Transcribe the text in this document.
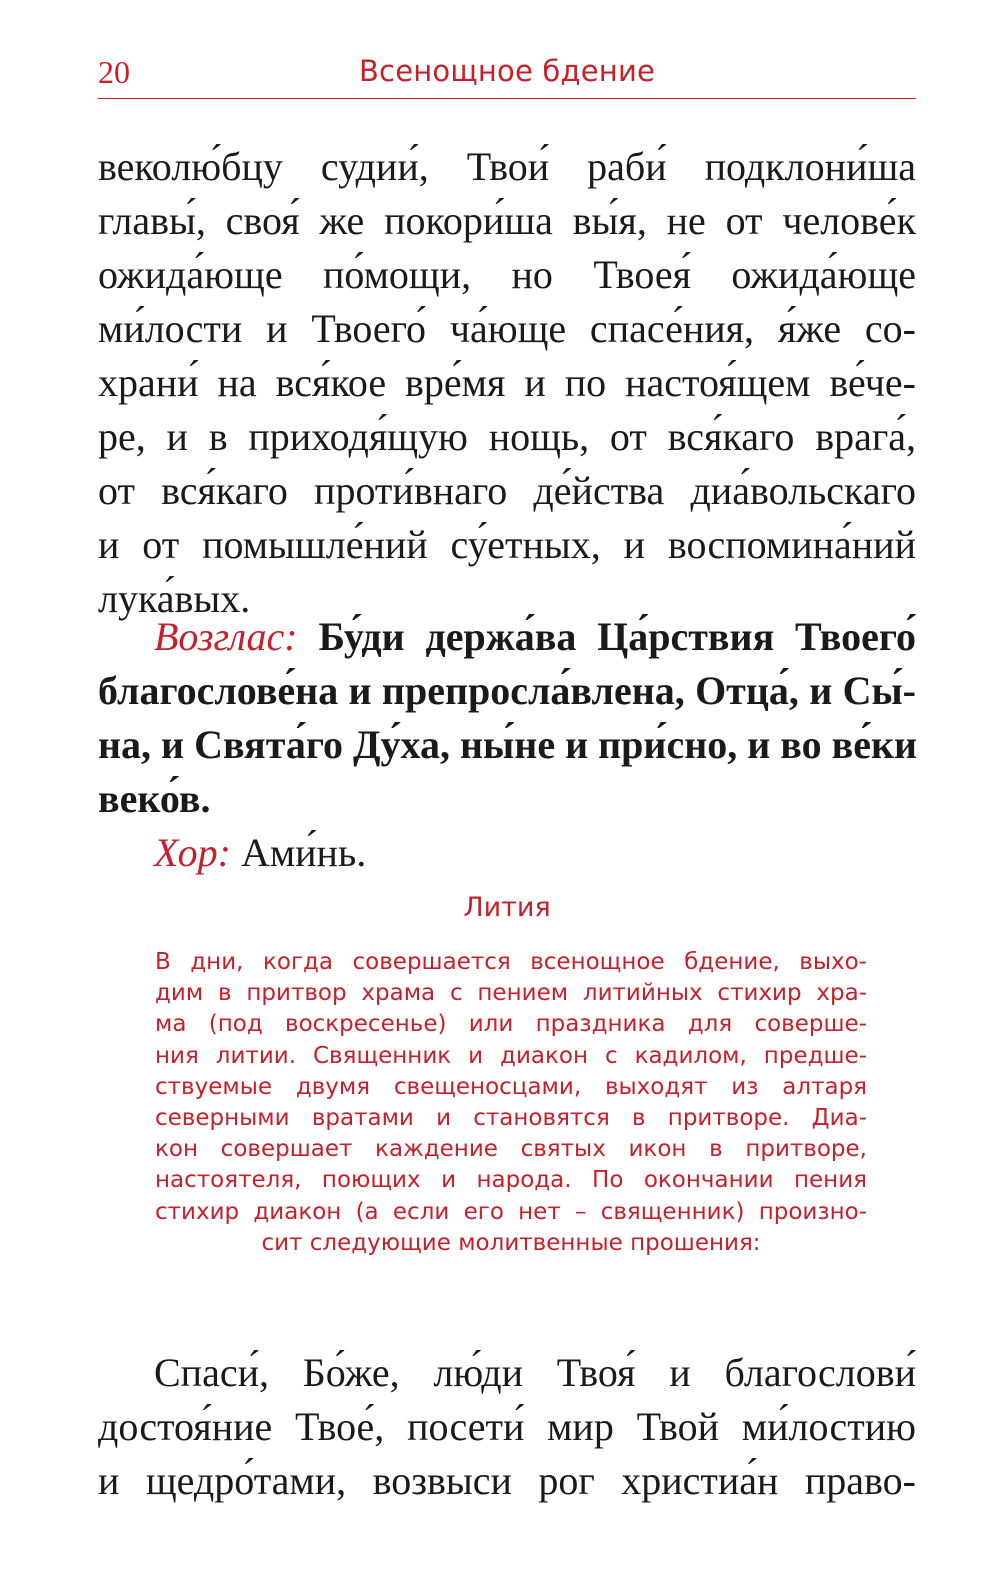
20	Всенощное бдение
веколю́бцу судии́, Твои́ раби́ подклони́ша
главы́, своя́ же покори́ша вы́я, не от челове́к
ожида́юще по́мощи, но Твоея́ ожида́юще
ми́лости и Твоего́ ча́юще спасе́ния, я́же со-
храни́ на вся́кое вре́мя и по настоя́щем ве́че-
ре, и в приходя́щую нощь, от вся́каго врага́,
от вся́каго проти́внаго де́йства диа́вольскаго
и от помышле́ний су́етных, и воспомина́ний
лука́вых.
Возглас: Бу́ди держа́ва Ца́рствия Твоего́
благослове́на и препросла́влена, Отца́, и Сы́-
на, и Свята́го Ду́ха, ны́не и при́сно, и во ве́ки
веко́в.
Хор: Ами́нь.
Лития
В дни, когда совершается всенощное бдение, выхо-
дим в притвор храма с пением литийных стихир хра-
ма (под воскресенье) или праздника для соверше-
ния литии. Священник и диакон с кадилом, предше-
ствуемые двумя свещеносцами, выходят из алтаря
северными вратами и становятся в притворе. Диа-
кон совершает каждение святых икон в притворе,
настоятеля, поющих и народа. По окончании пения
стихир диакон (а если его нет – священник) произно-
сит следующие молитвенные прошения:
Спаси́, Бо́же, лю́ди Твоя́ и благослови́
достоя́ние Твое́, посети́ мир Твой ми́лостию
и щедро́тами, возвыси рог христиа́н право-
